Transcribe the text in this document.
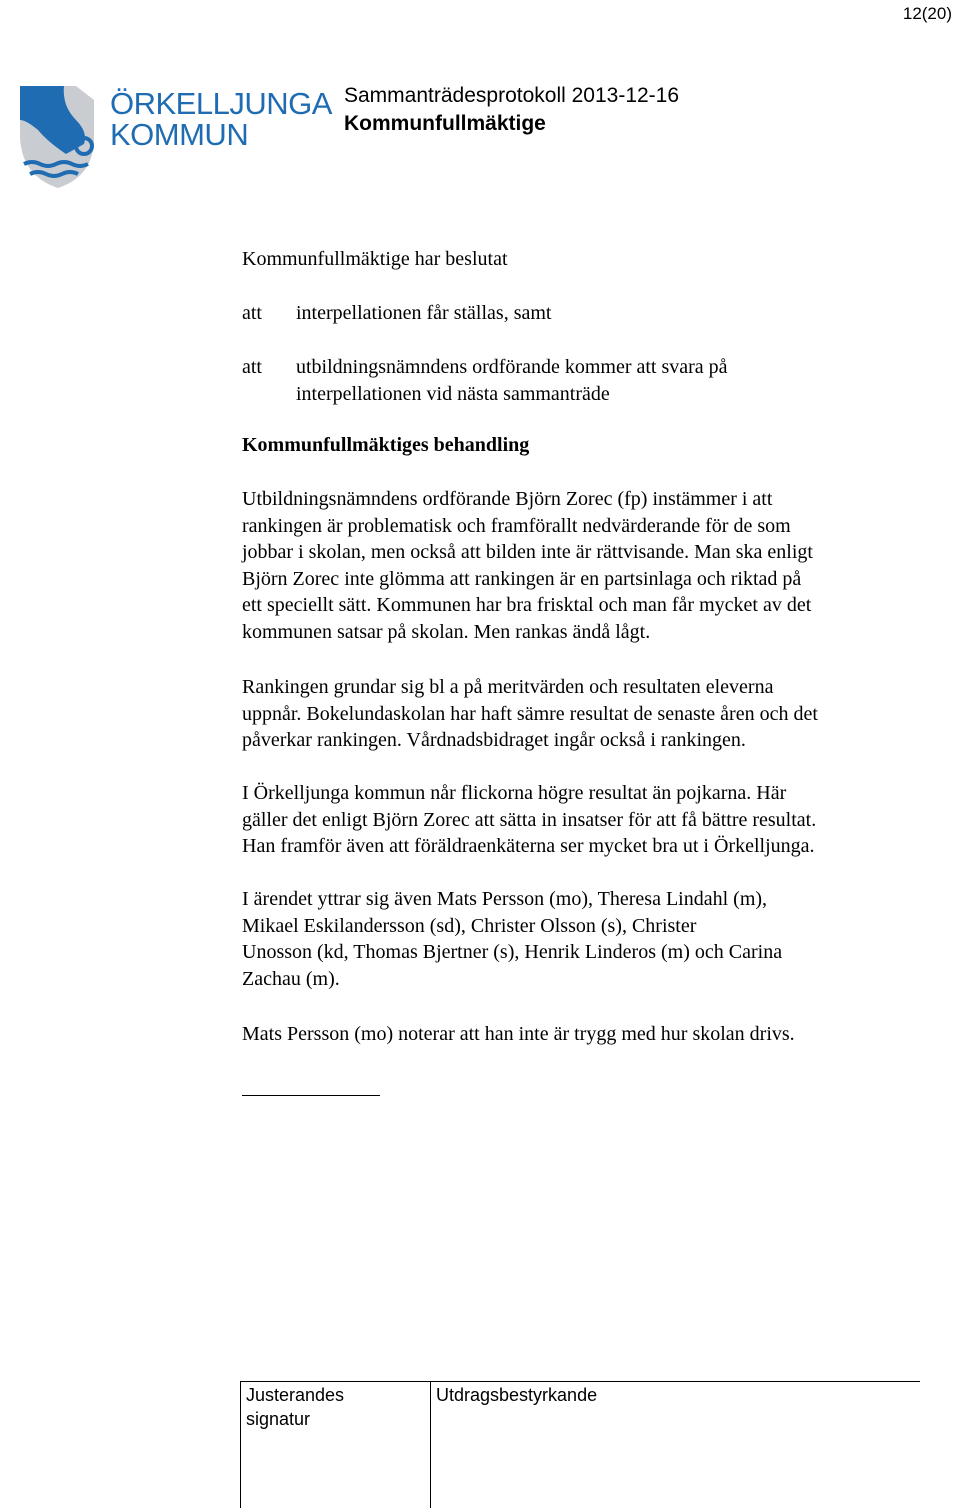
12(20)
ÖRKELLJUNGA
KOMMUN
Sammanträdesprotokoll 2013-12-16
Kommunfullmäktige
Kommunfullmäktige har beslutat
att interpellationen får ställas, samt
att utbildningsnämndens ordförande kommer att svara på
interpellationen vid nästa sammanträde
Kommunfullmäktiges behandling
Utbildningsnämndens ordförande Björn Zorec (fp) instämmer i att
rankingen är problematisk och framförallt nedvärderande för de som
jobbar i skolan, men också att bilden inte är rättvisande. Man ska enligt
Björn Zorec inte glömma att rankingen är en partsinlaga och riktad på
ett speciellt sätt. Kommunen har bra frisktal och man får mycket av det
kommunen satsar på skolan. Men rankas ändå lågt.
Rankingen grundar sig bl a på meritvärden och resultaten eleverna
uppnår. Bokelundaskolan har haft sämre resultat de senaste åren och det
påverkar rankingen. Vårdnadsbidraget ingår också i rankingen.
I Örkelljunga kommun når flickorna högre resultat än pojkarna. Här
gäller det enligt Björn Zorec att sätta in insatser för att få bättre resultat.
Han framför även att föräldraenkäterna ser mycket bra ut i Örkelljunga.
I ärendet yttrar sig även Mats Persson (mo), Theresa Lindahl (m),
Mikael Eskilandersson (sd), Christer Olsson (s), Christer
Unosson (kd, Thomas Bjertner (s), Henrik Linderos (m) och Carina
Zachau (m).
Mats Persson (mo) noterar att han inte är trygg med hur skolan drivs.
Justerandes
signatur
Utdragsbestyrkande
